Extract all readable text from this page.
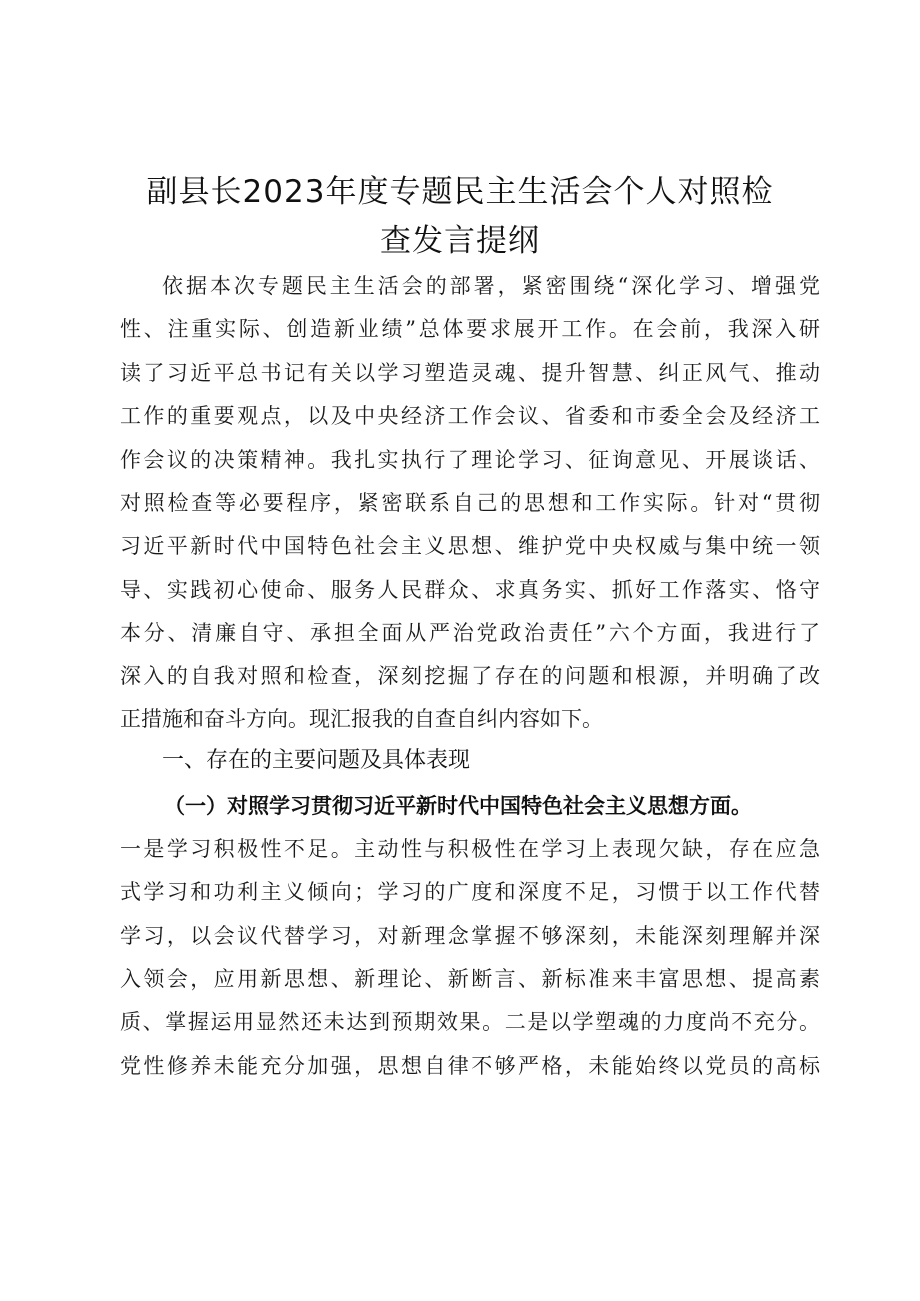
副县长2023年度专题民主生活会个人对照检
查发言提纲
依据本次专题民主生活会的部署，紧密围绕“深化学习、增强党
性、注重实际、创造新业绩”总体要求展开工作。在会前，我深入研
读了习近平总书记有关以学习塑造灵魂、提升智慧、纠正风气、推动
工作的重要观点，以及中央经济工作会议、省委和市委全会及经济工
作会议的决策精神。我扎实执行了理论学习、征询意见、开展谈话、
对照检查等必要程序，紧密联系自己的思想和工作实际。针对“贯彻
习近平新时代中国特色社会主义思想、维护党中央权威与集中统一领
导、实践初心使命、服务人民群众、求真务实、抓好工作落实、恪守
本分、清廉自守、承担全面从严治党政治责任”六个方面，我进行了
深入的自我对照和检查，深刻挖掘了存在的问题和根源，并明确了改
正措施和奋斗方向。现汇报我的自查自纠内容如下。
一、存在的主要问题及具体表现
（一）对照学习贯彻习近平新时代中国特色社会主义思想方面。
一是学习积极性不足。主动性与积极性在学习上表现欠缺，存在应急
式学习和功利主义倾向；学习的广度和深度不足，习惯于以工作代替
学习，以会议代替学习，对新理念掌握不够深刻，未能深刻理解并深
入领会，应用新思想、新理论、新断言、新标准来丰富思想、提高素
质、掌握运用显然还未达到预期效果。二是以学塑魂的力度尚不充分。
党性修养未能充分加强，思想自律不够严格，未能始终以党员的高标
